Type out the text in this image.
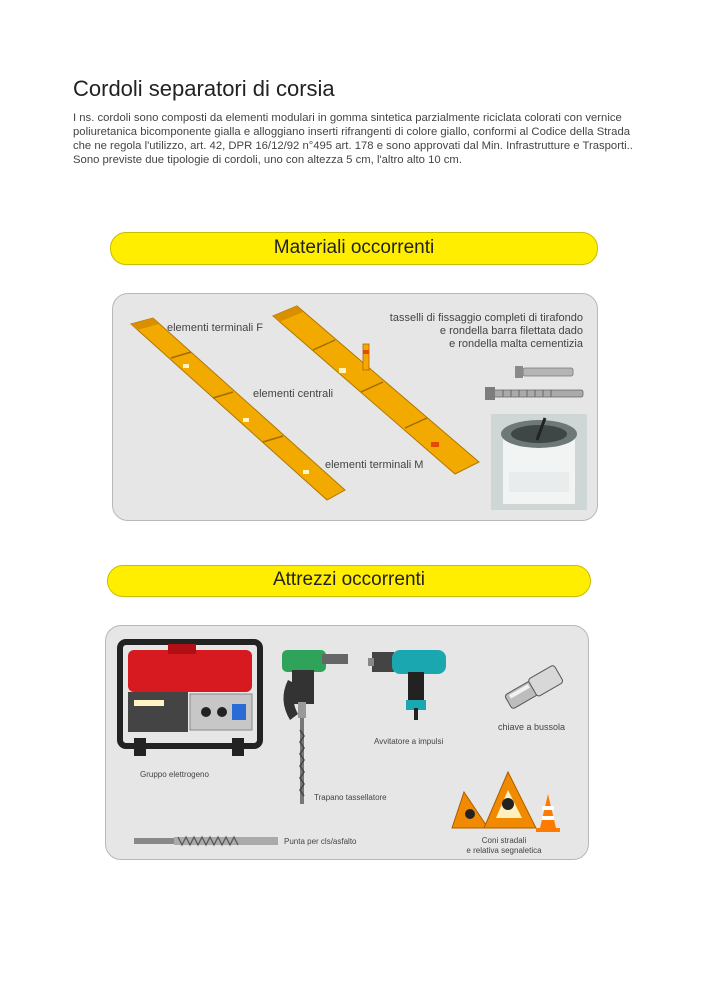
Cordoli separatori di corsia

I ns. cordoli sono composti da elementi modulari in gomma sintetica parzialmente riciclata colorati con vernice poliuretanica bicomponente gialla e alloggiano inserti rifrangenti di colore giallo, conformi al Codice della Strada che ne regola l'utilizzo, art. 42, DPR 16/12/92 n°495 art. 178 e sono approvati dal Min. Infrastrutture e Trasporti..

Sono previste due tipologie di cordoli, uno con altezza 5 cm, l'altro alto 10 cm.

Materiali occorrenti
elementi terminali F
elementi centrali
elementi terminali M
tasselli di fissaggio completi di tirafondo
e rondella barra filettata dado
e rondella malta cementizia
Attrezzi occorrenti
Gruppo elettrogeno
Trapano tassellatore
Avvitatore a impulsi
chiave a bussola
Punta per cls/asfalto	Coni stradali
e relativa segnaletica
